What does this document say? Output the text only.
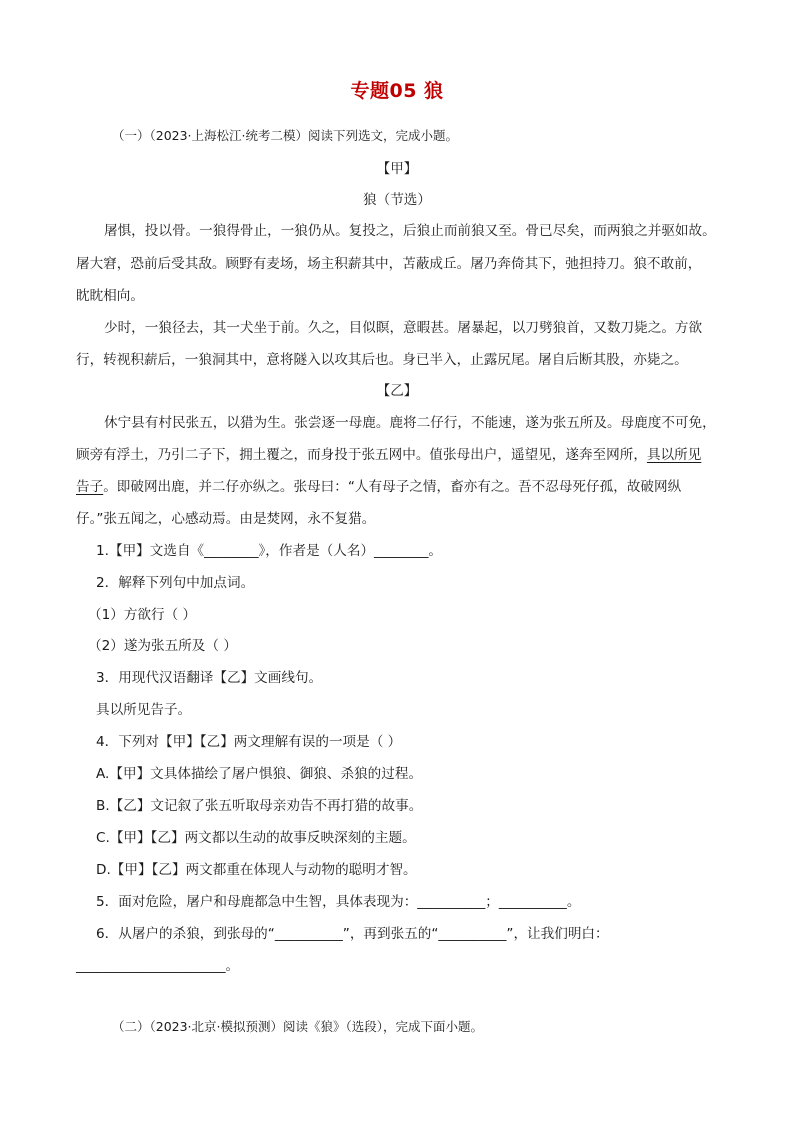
专题05 狼
（一）（2023·上海松江·统考二模）阅读下列选文，完成小题。
【甲】
狼（节选）
屠惧，投以骨。一狼得骨止，一狼仍从。复投之，后狼止而前狼又至。骨已尽矣，而两狼之并驱如故。
屠大窘，恐前后受其敌。顾野有麦场，场主积薪其中，苫蔽成丘。屠乃奔倚其下，弛担持刀。狼不敢前，
眈眈相向。
少时，一狼径去，其一犬坐于前。久之，目似瞑，意暇甚。屠暴起，以刀劈狼首，又数刀毙之。方欲
行，转视积薪后，一狼洞其中，意将隧入以攻其后也。身已半入，止露尻尾。屠自后断其股，亦毙之。
【乙】
休宁县有村民张五，以猎为生。张尝逐一母鹿。鹿将二仔行，不能速，遂为张五所及。母鹿度不可免，
顾旁有浮土，乃引二子下，拥土覆之，而身投于张五网中。值张母出户，遥望见，遂奔至网所，具以所见
告子。即破网出鹿，并二仔亦纵之。张母曰：“人有母子之情，畜亦有之。吾不忍母死仔孤，故破网纵
仔。”张五闻之，心感动焉。由是焚网，永不复猎。
1.【甲】文选自《________》，作者是（人名）________。
2．解释下列句中加点词。
（1）方欲行（ ）
（2）遂为张五所及（ ）
3．用现代汉语翻译【乙】文画线句。
具以所见告子。
4．下列对【甲】【乙】两文理解有误的一项是（ ）
A.【甲】文具体描绘了屠户惧狼、御狼、杀狼的过程。
B.【乙】文记叙了张五听取母亲劝告不再打猎的故事。
C.【甲】【乙】两文都以生动的故事反映深刻的主题。
D.【甲】【乙】两文都重在体现人与动物的聪明才智。
5．面对危险，屠户和母鹿都急中生智，具体表现为：__________；__________。
6．从屠户的杀狼，到张母的“__________”，再到张五的“__________”，让我们明白：
______________________。
（二）（2023·北京·模拟预测）阅读《狼》（选段），完成下面小题。
